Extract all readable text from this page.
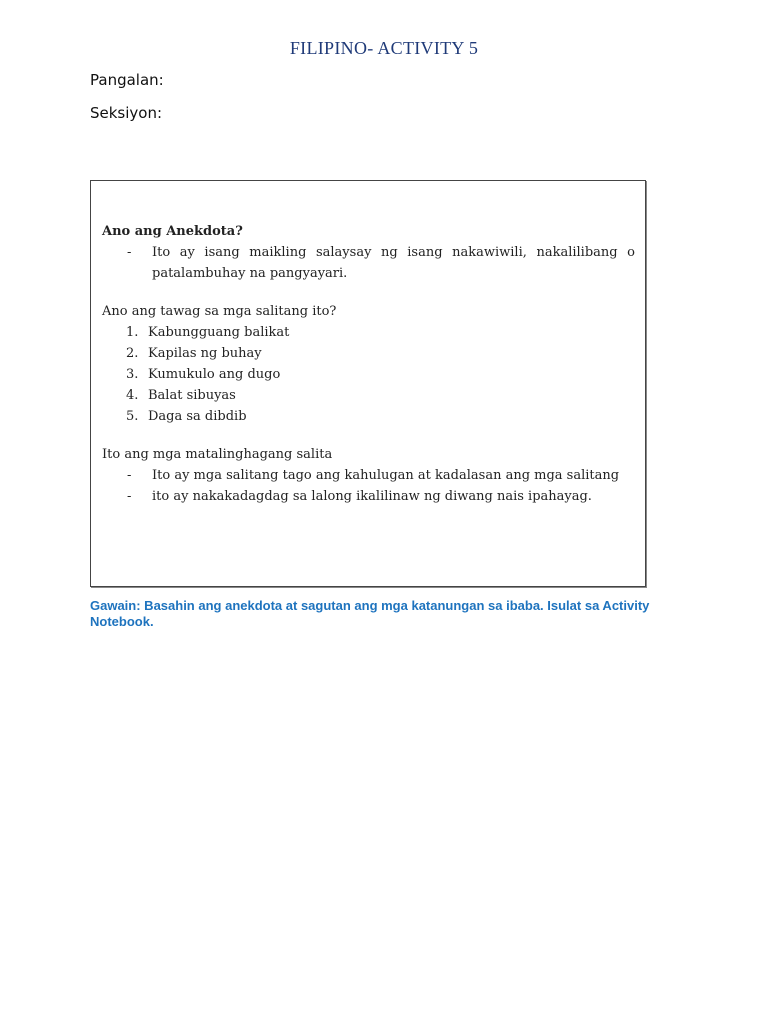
FILIPINO- ACTIVITY 5
Pangalan:
Seksiyon:
Ano ang Anekdota?
- Ito ay isang maikling salaysay ng isang nakawiwili, nakalilibang o patalambuhay na pangyayari.
Ano ang tawag sa mga salitang ito?
1. Kabungguang balikat
2. Kapilas ng buhay
3. Kumukulo ang dugo
4. Balat sibuyas
5. Daga sa dibdib
Ito ang mga matalinghagang salita
- Ito ay mga salitang tago ang kahulugan at kadalasan ang mga salitang
- ito ay nakakadagdag sa lalong ikalilinaw ng diwang nais ipahayag.
Gawain: Basahin ang anekdota at sagutan ang mga katanungan sa ibaba. Isulat sa Activity Notebook.
